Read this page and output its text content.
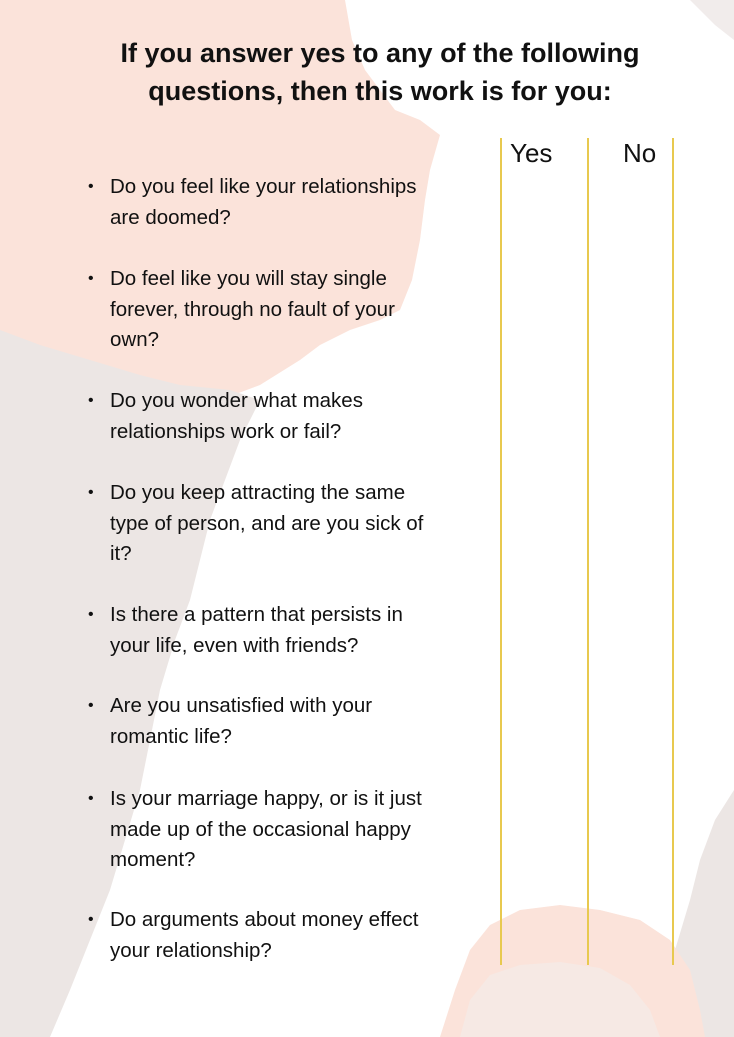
If you answer yes to any of the following
questions, then this work is for you:
Yes	No
• Do you feel like your relationships
are doomed?
• Do feel like you will stay single
forever, through no fault of your
own?
• Do you wonder what makes
relationships work or fail?
• Do you keep attracting the same
type of person, and are you sick of
it?
• Is there a pattern that persists in
your life, even with friends?
• Are you unsatisfied with your
romantic life?
• Is your marriage happy, or is it just
made up of the occasional happy
moment?
• Do arguments about money effect
your relationship?
